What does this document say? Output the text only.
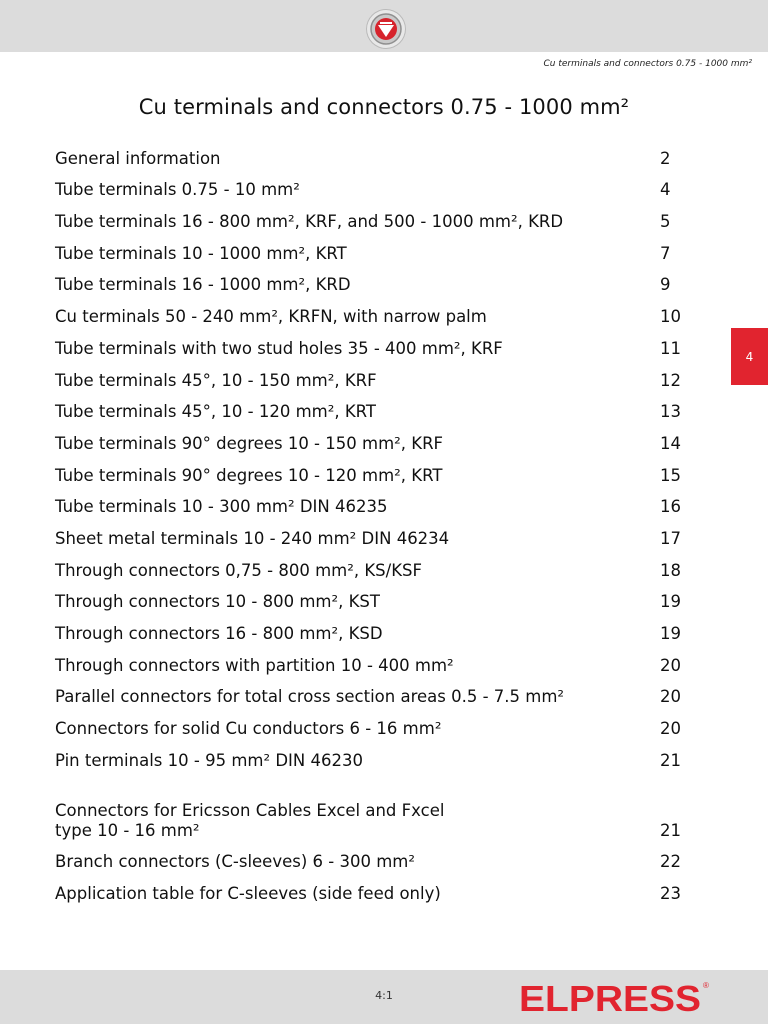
Cu terminals and connectors 0.75 - 1000 mm²
Cu terminals and connectors 0.75 - 1000 mm²
General information	2
Tube terminals 0.75 - 10 mm²	4
Tube terminals 16 - 800 mm², KRF, and 500 - 1000 mm², KRD	5
Tube terminals 10 - 1000 mm², KRT	7
Tube terminals 16 - 1000 mm², KRD	9
Cu terminals 50 - 240 mm², KRFN, with narrow palm	10
Tube terminals with two stud holes 35 - 400 mm², KRF	11
Tube terminals 45°, 10 - 150 mm², KRF	12
Tube terminals 45°, 10 - 120 mm², KRT	13
Tube terminals 90° degrees 10 - 150 mm², KRF	14
Tube terminals 90° degrees 10 - 120 mm², KRT	15
Tube terminals 10 - 300 mm² DIN 46235	16
Sheet metal terminals 10 - 240 mm² DIN 46234	17
Through connectors 0,75 - 800 mm², KS/KSF	18
Through connectors 10 - 800 mm², KST	19
Through connectors 16 - 800 mm², KSD	19
Through connectors with partition 10 - 400 mm²	20
Parallel connectors for total cross section areas 0.5 - 7.5 mm²	20
Connectors for solid Cu conductors 6 - 16 mm²	20
Pin terminals 10 - 95 mm² DIN 46230	21
Connectors for Ericsson Cables Excel and Fxcel
type 10 - 16 mm²	21
Branch connectors (C-sleeves) 6 - 300 mm²	22
Application table for C-sleeves (side feed only)	23
4
4:1	ELPRESS ®
